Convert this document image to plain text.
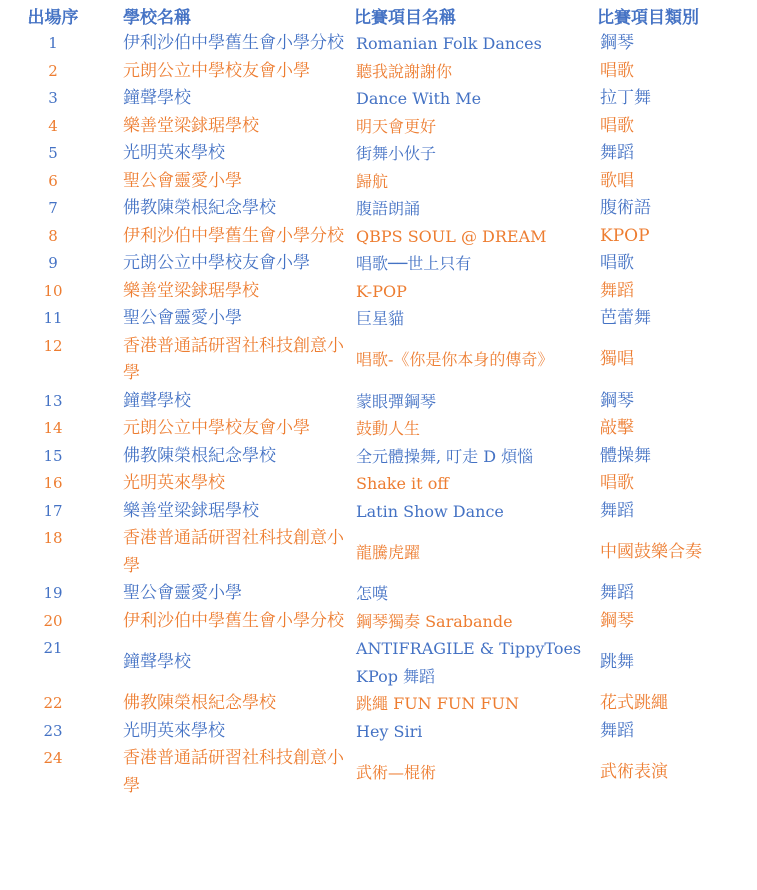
出場序	學校名稱	比賽項目名稱	比賽項目類別
1	伊利沙伯中學舊生會小學分校	Romanian Folk Dances	鋼琴
2	元朗公立中學校友會小學	聽我說謝謝你	唱歌
3	鐘聲學校	Dance With Me	拉丁舞
4	樂善堂梁銶琚學校	明天會更好	唱歌
5	光明英來學校	街舞小伙子	舞蹈
6	聖公會靈愛小學	歸航	歌唱
7	佛教陳榮根紀念學校	腹語朗誦	腹術語
8	伊利沙伯中學舊生會小學分校	QBPS SOUL @ DREAM	KPOP
9	元朗公立中學校友會小學	唱歌──世上只有	唱歌
10	樂善堂梁銶琚學校	K-POP	舞蹈
11	聖公會靈愛小學	巨星貓	芭蕾舞
12	香港普通話研習社科技創意小學	唱歌-《你是你本身的傳奇》	獨唱
13	鐘聲學校	蒙眼彈鋼琴	鋼琴
14	元朗公立中學校友會小學	鼓動人生	敲擊
15	佛教陳榮根紀念學校	全元體操舞, 叮走 D 煩惱	體操舞
16	光明英來學校	Shake it off	唱歌
17	樂善堂梁銶琚學校	Latin Show Dance	舞蹈
18	香港普通話研習社科技創意小學	龍騰虎躍	中國鼓樂合奏
19	聖公會靈愛小學	怎嘆	舞蹈
20	伊利沙伯中學舊生會小學分校	鋼琴獨奏 Sarabande	鋼琴
21	鐘聲學校	ANTIFRAGILE & TippyToes KPop 舞蹈	跳舞
22	佛教陳榮根紀念學校	跳繩 FUN FUN FUN	花式跳繩
23	光明英來學校	Hey Siri	舞蹈
24	香港普通話研習社科技創意小學	武術—棍術	武術表演
